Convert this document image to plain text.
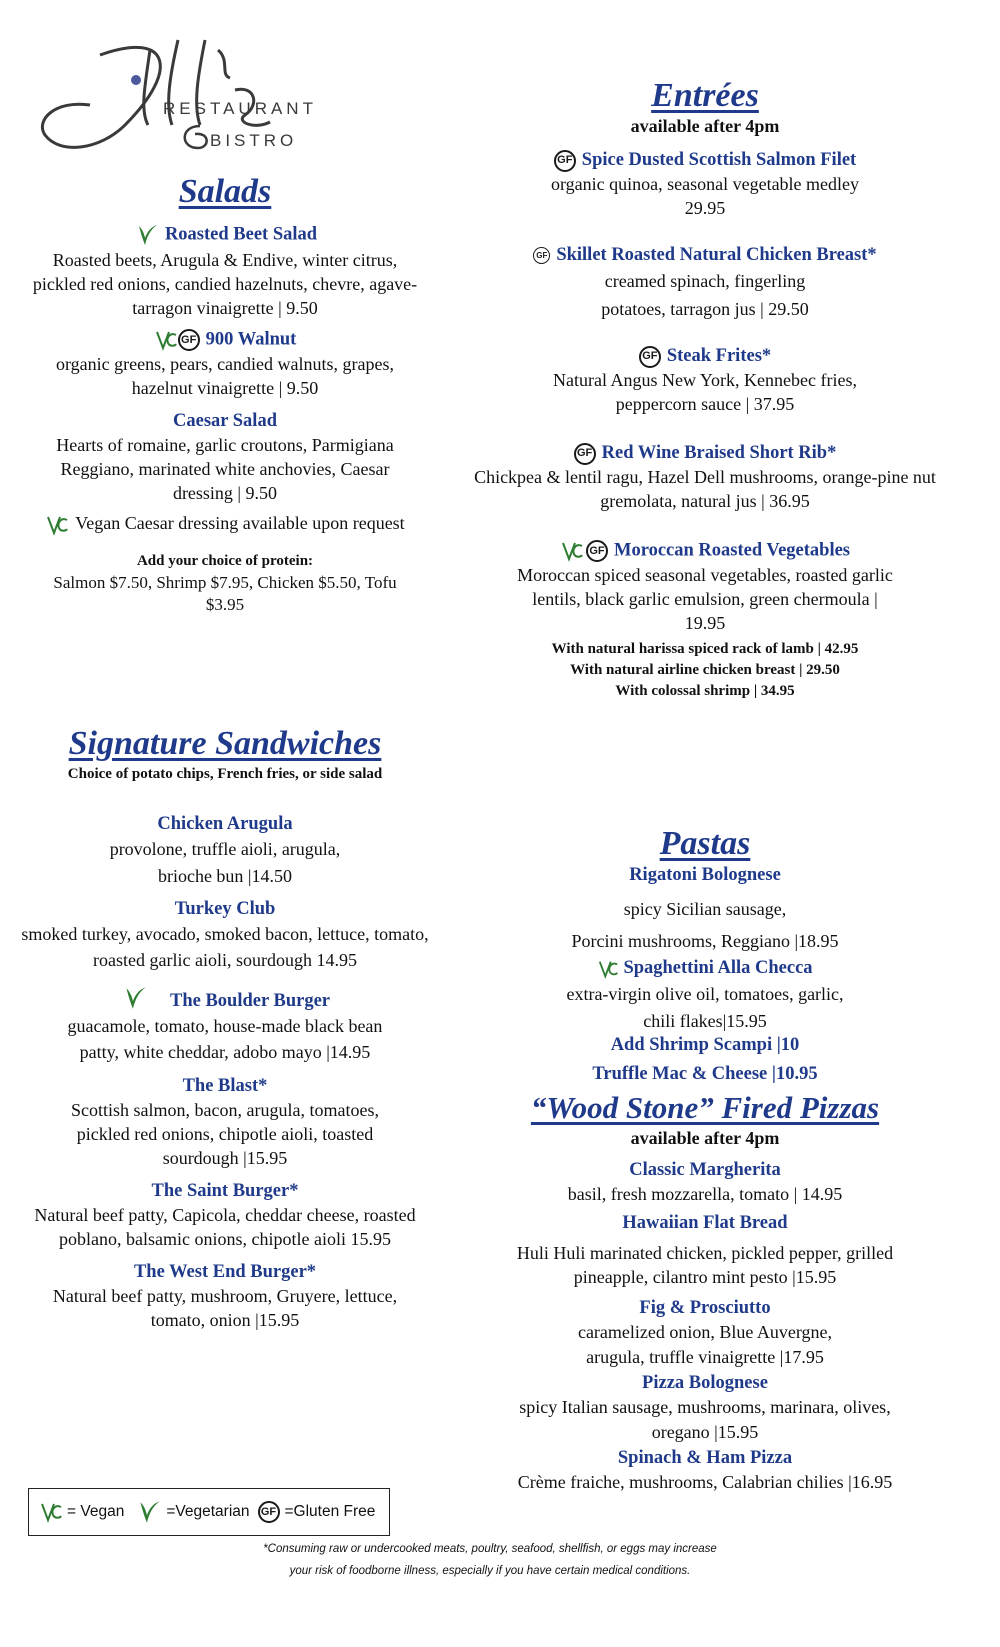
RESTAURANT
BISTRO
Salads
Roasted Beet Salad
Roasted beets, Arugula & Endive, winter citrus, pickled red onions, candied hazelnuts, chevre, agave-tarragon vinaigrette | 9.50
GF 900 Walnut
organic greens, pears, candied walnuts, grapes, hazelnut vinaigrette | 9.50
Caesar Salad
Hearts of romaine, garlic croutons, Parmigiana Reggiano, marinated white anchovies, Caesar dressing | 9.50
Vegan Caesar dressing available upon request
Add your choice of protein:
Salmon $7.50, Shrimp $7.95, Chicken $5.50, Tofu $3.95
Signature Sandwiches
Choice of potato chips, French fries, or side salad
Chicken Arugula
provolone, truffle aioli, arugula, brioche bun |14.50
Turkey Club
smoked turkey, avocado, smoked bacon, lettuce, tomato, roasted garlic aioli, sourdough 14.95
The Boulder Burger
guacamole, tomato, house-made black bean patty, white cheddar, adobo mayo |14.95
The Blast*
Scottish salmon, bacon, arugula, tomatoes, pickled red onions, chipotle aioli, toasted sourdough |15.95
The Saint Burger*
Natural beef patty, Capicola, cheddar cheese, roasted poblano, balsamic onions, chipotle aioli 15.95
The West End Burger*
Natural beef patty, mushroom, Gruyere, lettuce, tomato, onion |15.95
Entrées
available after 4pm
GF Spice Dusted Scottish Salmon Filet
organic quinoa, seasonal vegetable medley 29.95
GF Skillet Roasted Natural Chicken Breast*
creamed spinach, fingerling potatoes, tarragon jus | 29.50
GF Steak Frites*
Natural Angus New York, Kennebec fries, peppercorn sauce | 37.95
GF Red Wine Braised Short Rib*
Chickpea & lentil ragu, Hazel Dell mushrooms, orange-pine nut gremolata, natural jus | 36.95
GF Moroccan Roasted Vegetables
Moroccan spiced seasonal vegetables, roasted garlic lentils, black garlic emulsion, green chermoula | 19.95
With natural harissa spiced rack of lamb | 42.95
With natural airline chicken breast | 29.50
With colossal shrimp | 34.95
Pastas
Rigatoni Bolognese
spicy Sicilian sausage,
Porcini mushrooms, Reggiano |18.95
Spaghettini Alla Checca
extra-virgin olive oil, tomatoes, garlic,
chili flakes|15.95
Add Shrimp Scampi |10
Truffle Mac & Cheese |10.95
“Wood Stone” Fired Pizzas
available after 4pm
Classic Margherita
basil, fresh mozzarella, tomato | 14.95
Hawaiian Flat Bread
Huli Huli marinated chicken, pickled pepper, grilled pineapple, cilantro mint pesto |15.95
Fig & Prosciutto
caramelized onion, Blue Auvergne, arugula, truffle vinaigrette |17.95
Pizza Bolognese
spicy Italian sausage, mushrooms, marinara, olives, oregano |15.95
Spinach & Ham Pizza
Crème fraiche, mushrooms, Calabrian chilies |16.95
= Vegan	=Vegetarian	GF =Gluten Free
*Consuming raw or undercooked meats, poultry, seafood, shellfish, or eggs may increase
your risk of foodborne illness, especially if you have certain medical conditions.
